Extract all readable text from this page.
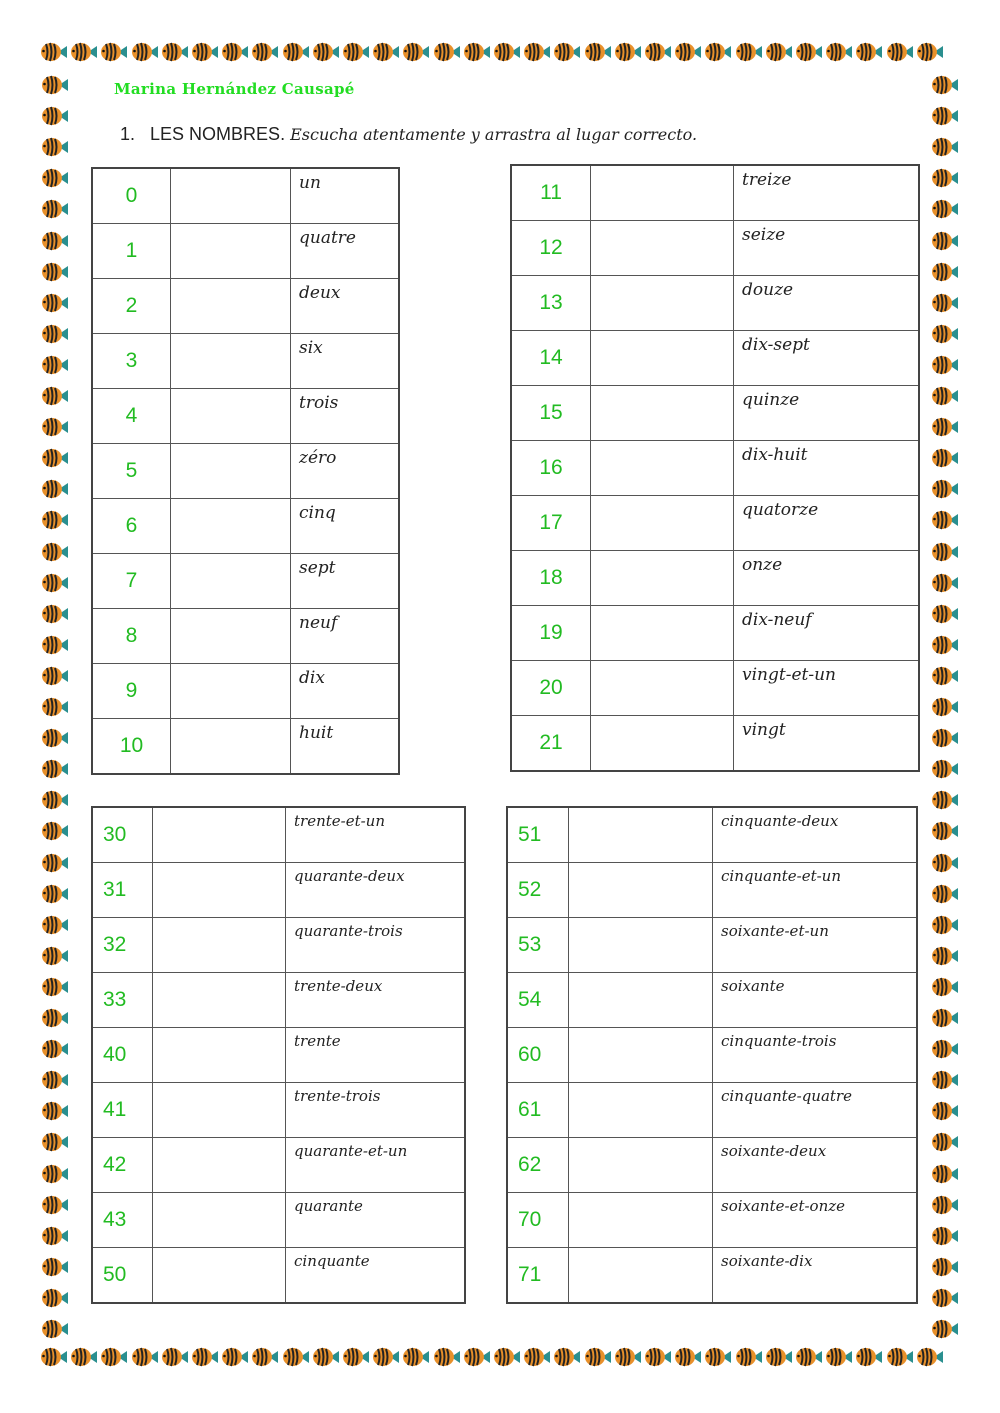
Marina Hernández Causapé
1. LES NOMBRES. Escucha atentamente y arrastra al lugar correcto.
0		un
1		quatre
2		deux
3		six
4		trois
5		zéro
6		cinq
7		sept
8		neuf
9		dix
10		huit
11		treize
12		seize
13		douze
14		dix-sept
15		quinze
16		dix-huit
17		quatorze
18		onze
19		dix-neuf
20		vingt-et-un
21		vingt
30		trente-et-un
31		quarante-deux
32		quarante-trois
33		trente-deux
40		trente
41		trente-trois
42		quarante-et-un
43		quarante
50		cinquante
51		cinquante-deux
52		cinquante-et-un
53		soixante-et-un
54		soixante
60		cinquante-trois
61		cinquante-quatre
62		soixante-deux
70		soixante-et-onze
71		soixante-dix
